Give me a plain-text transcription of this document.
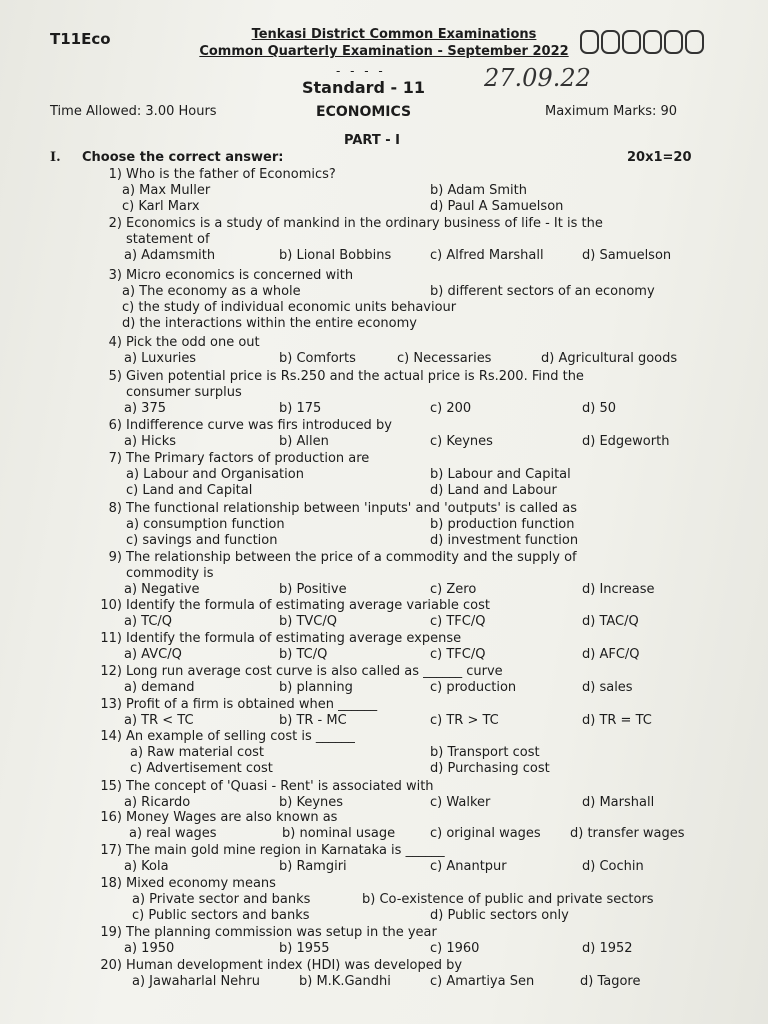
T11Eco	Tenkasi District Common Examinations
Common Quarterly Examination - September 2022
- - - -
Standard - 11 27.09.22
Time Allowed: 3.00 Hours	ECONOMICS	Maximum Marks: 90
PART - I
I. Choose the correct answer:	20x1=20
1) Who is the father of Economics?
a) Max Muller	b) Adam Smith
c) Karl Marx	d) Paul A Samuelson
2) Economics is a study of mankind in the ordinary business of life - It is the
statement of
a) Adamsmith	b) Lional Bobbins	c) Alfred Marshall	d) Samuelson
3) Micro economics is concerned with
a) The economy as a whole	b) different sectors of an economy
c) the study of individual economic units behaviour
d) the interactions within the entire economy
4) Pick the odd one out
a) Luxuries	b) Comforts	c) Necessaries	d) Agricultural goods
5) Given potential price is Rs.250 and the actual price is Rs.200. Find the
consumer surplus
a) 375	b) 175	c) 200	d) 50
6) Indifference curve was firs introduced by
a) Hicks	b) Allen	c) Keynes	d) Edgeworth
7) The Primary factors of production are
a) Labour and Organisation	b) Labour and Capital
c) Land and Capital	d) Land and Labour
8) The functional relationship between 'inputs' and 'outputs' is called as
a) consumption function	b) production function
c) savings and function	d) investment function
9) The relationship between the price of a commodity and the supply of
commodity is
a) Negative	b) Positive	c) Zero	d) Increase
10) Identify the formula of estimating average variable cost
a) TC/Q	b) TVC/Q	c) TFC/Q	d) TAC/Q
11) Identify the formula of estimating average expense
a) AVC/Q	b) TC/Q	c) TFC/Q	d) AFC/Q
12) Long run average cost curve is also called as ______ curve
a) demand	b) planning	c) production	d) sales
13) Profit of a firm is obtained when ______
a) TR < TC	b) TR - MC	c) TR > TC	d) TR = TC
14) An example of selling cost is ______
a) Raw material cost	b) Transport cost
c) Advertisement cost	d) Purchasing cost
15) The concept of 'Quasi - Rent' is associated with
a) Ricardo	b) Keynes	c) Walker	d) Marshall
16) Money Wages are also known as
a) real wages	b) nominal usage	c) original wages d) transfer wages
17) The main gold mine region in Karnataka is ______
a) Kola	b) Ramgiri	c) Anantpur	d) Cochin
18) Mixed economy means
a) Private sector and banks	b) Co-existence of public and private sectors
c) Public sectors and banks	d) Public sectors only
19) The planning commission was setup in the year
a) 1950	b) 1955	c) 1960	d) 1952
20) Human development index (HDI) was developed by
a) Jawaharlal Nehru	b) M.K.Gandhi	c) Amartiya Sen	d) Tagore
